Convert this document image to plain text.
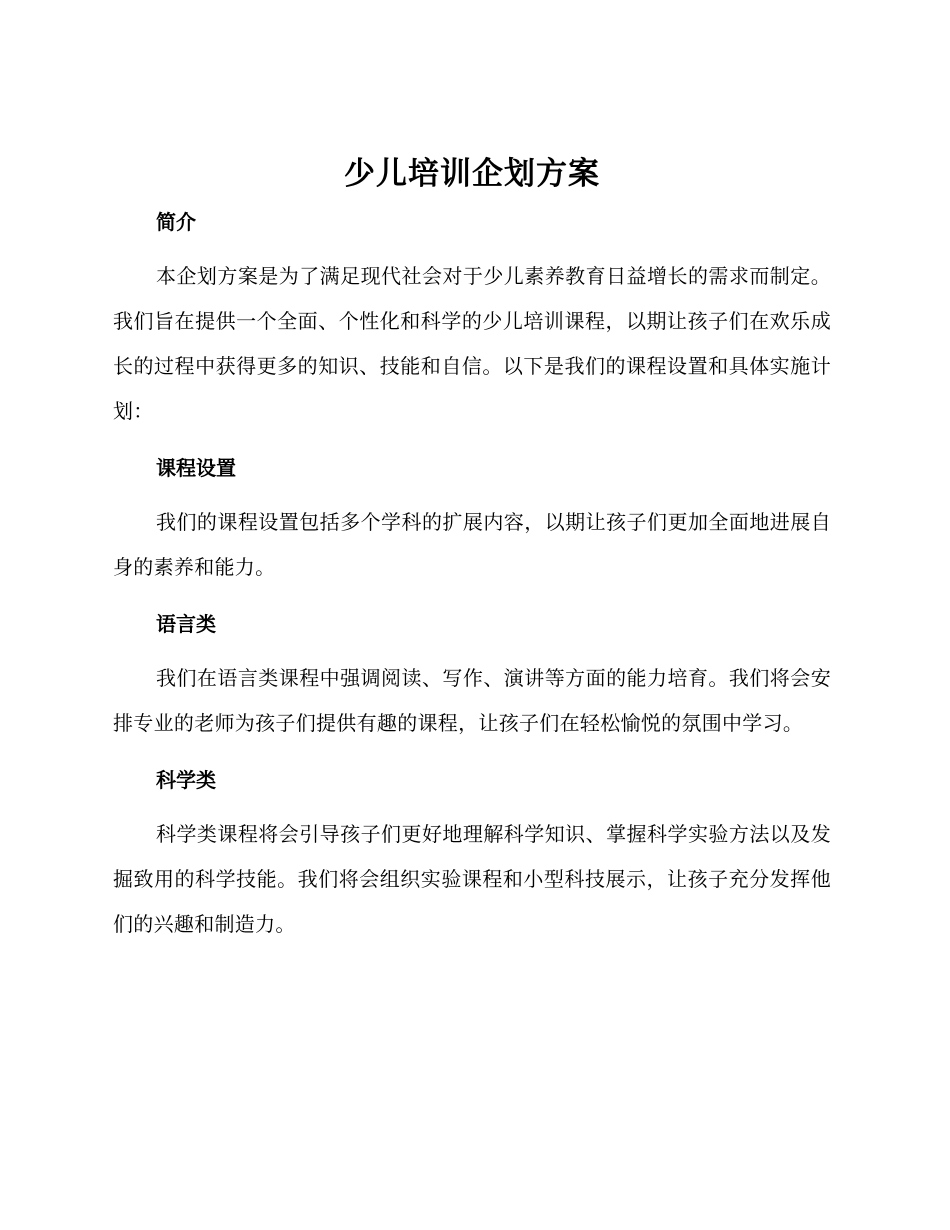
少儿培训企划方案
简介

本企划方案是为了满足现代社会对于少儿素养教育日益增长的需求而制定。我们旨在提供一个全面、个性化和科学的少儿培训课程，以期让孩子们在欢乐成长的过程中获得更多的知识、技能和自信。以下是我们的课程设置和具体实施计划：

课程设置

我们的课程设置包括多个学科的扩展内容，以期让孩子们更加全面地进展自身的素养和能力。

语言类

我们在语言类课程中强调阅读、写作、演讲等方面的能力培育。我们将会安排专业的老师为孩子们提供有趣的课程，让孩子们在轻松愉悦的氛围中学习。

科学类

科学类课程将会引导孩子们更好地理解科学知识、掌握科学实验方法以及发掘致用的科学技能。我们将会组织实验课程和小型科技展示，让孩子充分发挥他们的兴趣和制造力。
